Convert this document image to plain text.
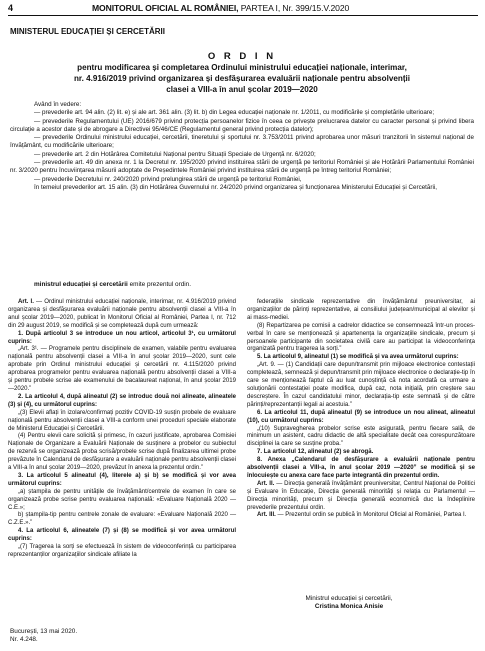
4	MONITORUL OFICIAL AL ROMÂNIEI, PARTEA I, Nr. 399/15.V.2020
MINISTERUL EDUCAȚIEI ȘI CERCETĂRII
O R D I N
pentru modificarea și completarea Ordinului ministrului educației naționale, interimar,
nr. 4.916/2019 privind organizarea și desfășurarea evaluării naționale pentru absolvenții
clasei a VIII-a în anul școlar 2019—2020

Având în vedere:

— prevederile art. 94 alin. (2) lit. e) și ale art. 361 alin. (3) lit. b) din Legea educației naționale nr. 1/2011, cu modificările și completările ulterioare;

— prevederile Regulamentului (UE) 2016/679 privind protecția persoanelor fizice în ceea ce privește prelucrarea datelor cu caracter personal și privind libera circulație a acestor date și de abrogare a Directivei 95/46/CE (Regulamentul general privind protecția datelor);

— prevederile Ordinului ministrului educației, cercetării, tineretului și sportului nr. 3.753/2011 privind aprobarea unor măsuri tranzitorii în sistemul național de învățământ, cu modificările ulterioare;

— prevederile art. 2 din Hotărârea Comitetului Național pentru Situații Speciale de Urgență nr. 6/2020;

— prevederile art. 49 din anexa nr. 1 la Decretul nr. 195/2020 privind instituirea stării de urgență pe teritoriul României și ale Hotărârii Parlamentului României nr. 3/2020 pentru încuviințarea măsurii adoptate de Președintele României privind instituirea stării de urgență pe întreg teritoriul României;

— prevederile Decretului nr. 240/2020 privind prelungirea stării de urgență pe teritoriul României,

în temeiul prevederilor art. 15 alin. (3) din Hotărârea Guvernului nr. 24/2020 privind organizarea și funcționarea Ministerului Educației și Cercetării,

ministrul educației și cercetării emite prezentul ordin.

Art. I. — Ordinul ministrului educației naționale, interimar, nr. 4.916/2019 privind organizarea și desfășurarea evaluării naționale pentru absolvenții clasei a VIII-a în anul școlar 2019—2020, publicat în Monitorul Oficial al României, Partea I, nr. 712 din 29 august 2019, se modifică și se completează după cum urmează:

1. După articolul 3 se introduce un nou articol, articolul 3¹, cu următorul cuprins:

„Art. 3¹. — Programele pentru disciplinele de examen, valabile pentru evaluarea națională pentru absolvenții clasei a VIII-a în anul școlar 2019—2020, sunt cele aprobate prin Ordinul ministrului educației și cercetării nr. 4.115/2020 privind aprobarea programelor pentru evaluarea națională pentru absolvenții clasei a VIII-a și pentru probele scrise ale examenului de bacalaureat național, în anul școlar 2019—2020.”

2. La articolul 4, după alineatul (2) se introduc două noi alineate, alineatele (3) și (4), cu următorul cuprins:

„(3) Elevii aflați în izolare/confirmați pozitiv COVID-19 susțin probele de evaluare națională pentru absolvenții clasei a VIII-a conform unei proceduri speciale elaborate de Ministerul Educației și Cercetării.

(4) Pentru elevii care solicită și primesc, în cazuri justificate, aprobarea Comisiei Naționale de Organizare a Evaluării Naționale de susținere a probelor cu subiectul de rezervă se organizează proba scrisă/probele scrise după finalizarea ultimei probe prevăzute în Calendarul de desfășurare a evaluării naționale pentru absolvenții clasei a VIII-a în anul școlar 2019—2020, prevăzut în anexa la prezentul ordin.”

3. La articolul 5 alineatul (4), literele a) și b) se modifică și vor avea următorul cuprins:

„a) ștampila de pentru unitățile de învățământ/centrele de examen în care se organizează probe scrise pentru evaluarea națională: «Evaluare Națională 2020 — C.E.»;

b) ștampila-tip pentru centrele zonale de evaluare: «Evaluare Națională 2020 — C.Z.E.».”

4. La articolul 6, alineatele (7) și (8) se modifică și vor avea următorul cuprins:

„(7) Tragerea la sorți se efectuează în sistem de videoconferință cu participarea reprezentanților organizațiilor sindicale afiliate la

federațiile sindicale reprezentative din învățământul preuniversitar, ai organizațiilor de părinți reprezentative, ai consiliului județean/municipal al elevilor și ai mass-mediei.

(8) Repartizarea pe comisii a cadrelor didactice se consemnează într-un proces-verbal în care se menționează și apartenența la organizațiile sindicale, precum și persoanele participante din societatea civilă care au participat la videoconferința organizată pentru tragerea la sorți.”

5. La articolul 9, alineatul (1) se modifică și va avea următorul cuprins:

„Art. 9. — (1) Candidații care depun/transmit prin mijloace electronice contestații completează, semnează și depun/transmit prin mijloace electronice o declarație-tip în care se menționează faptul că au luat cunoștință că nota acordată ca urmare a soluționării contestației poate modifica, după caz, nota inițială, prin creștere sau descreștere. În cazul candidatului minor, declarația-tip este semnată și de către părinți/reprezentanții legali ai acestuia.”

6. La articolul 11, după alineatul (9) se introduce un nou alineat, alineatul (10), cu următorul cuprins:

„(10) Supravegherea probelor scrise este asigurată, pentru fiecare sală, de minimum un asistent, cadru didactic de altă specialitate decât cea corespunzătoare disciplinei la care se susține proba.”

7. La articolul 12, alineatul (2) se abrogă.

8. Anexa „Calendarul de desfășurare a evaluării naționale pentru absolvenții clasei a VIII-a, în anul școlar 2019 —2020” se modifică și se înlocuiește cu anexa care face parte integrantă din prezentul ordin.

Art. II. — Direcția generală învățământ preuniversitar, Centrul Național de Politici și Evaluare în Educație, Direcția generală minorități și relația cu Parlamentul — Direcția minorități, precum și Direcția generală economică duc la îndeplinire prevederile prezentului ordin.

Art. III. — Prezentul ordin se publică în Monitorul Oficial al României, Partea I.

Ministrul educației și cercetării,
Cristina Monica Anisie
București, 13 mai 2020.
Nr. 4.248.
